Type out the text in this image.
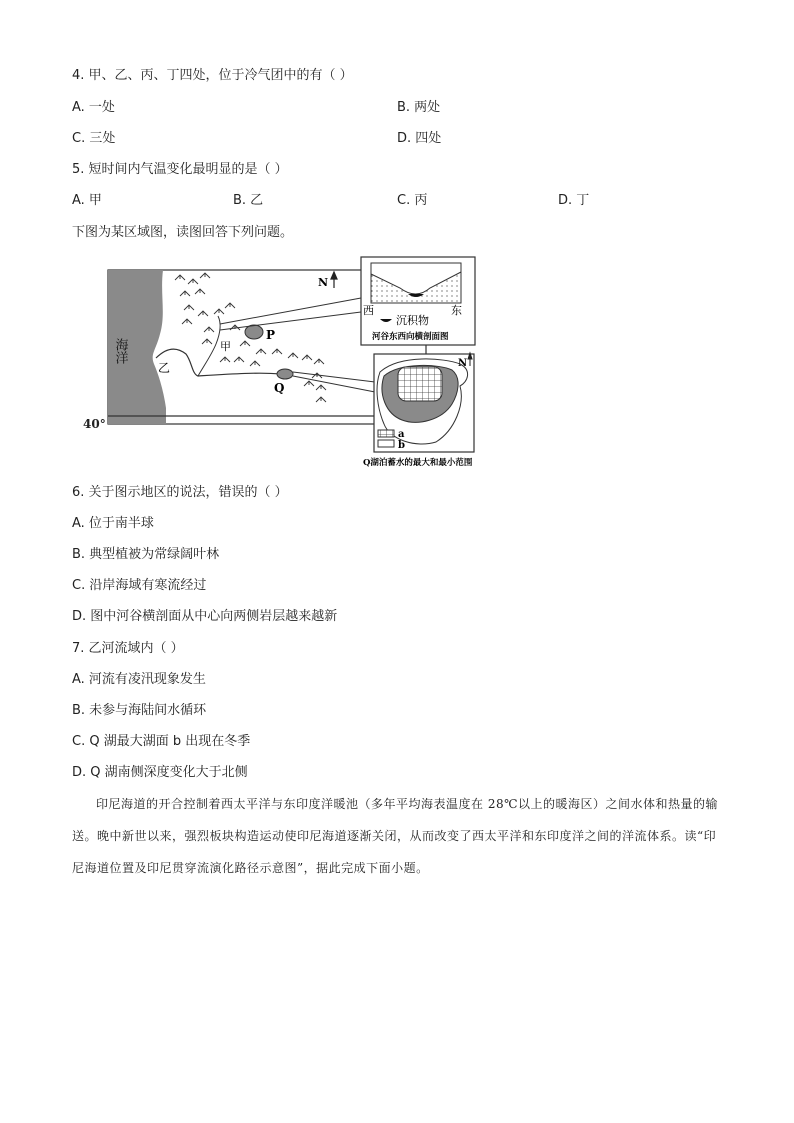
4. 甲、乙、丙、丁四处，位于冷气团中的有（ ）
A. 一处	B. 两处
C. 三处	D. 四处
5. 短时间内气温变化最明显的是（ ）
A. 甲	B. 乙	C. 丙	D. 丁
下图为某区域图，读图回答下列问题。
海洋
40°
N
乙
甲
P
Q
西	东
沉积物
河谷东西向横剖面图
N
a
b
Q湖泊蓄水的最大和最小范围
6. 关于图示地区的说法，错误的（ ）
A. 位于南半球
B. 典型植被为常绿阔叶林
C. 沿岸海域有寒流经过
D. 图中河谷横剖面从中心向两侧岩层越来越新
7. 乙河流域内（ ）
A. 河流有凌汛现象发生
B. 未参与海陆间水循环
C. Q 湖最大湖面 b 出现在冬季
D. Q 湖南侧深度变化大于北侧
印尼海道的开合控制着西太平洋与东印度洋暖池（多年平均海表温度在 28℃以上的暖海区）之间水体和热量的输送。晚中新世以来，强烈板块构造运动使印尼海道逐渐关闭，从而改变了西太平洋和东印度洋之间的洋流体系。读“印尼海道位置及印尼贯穿流演化路径示意图”，据此完成下面小题。
